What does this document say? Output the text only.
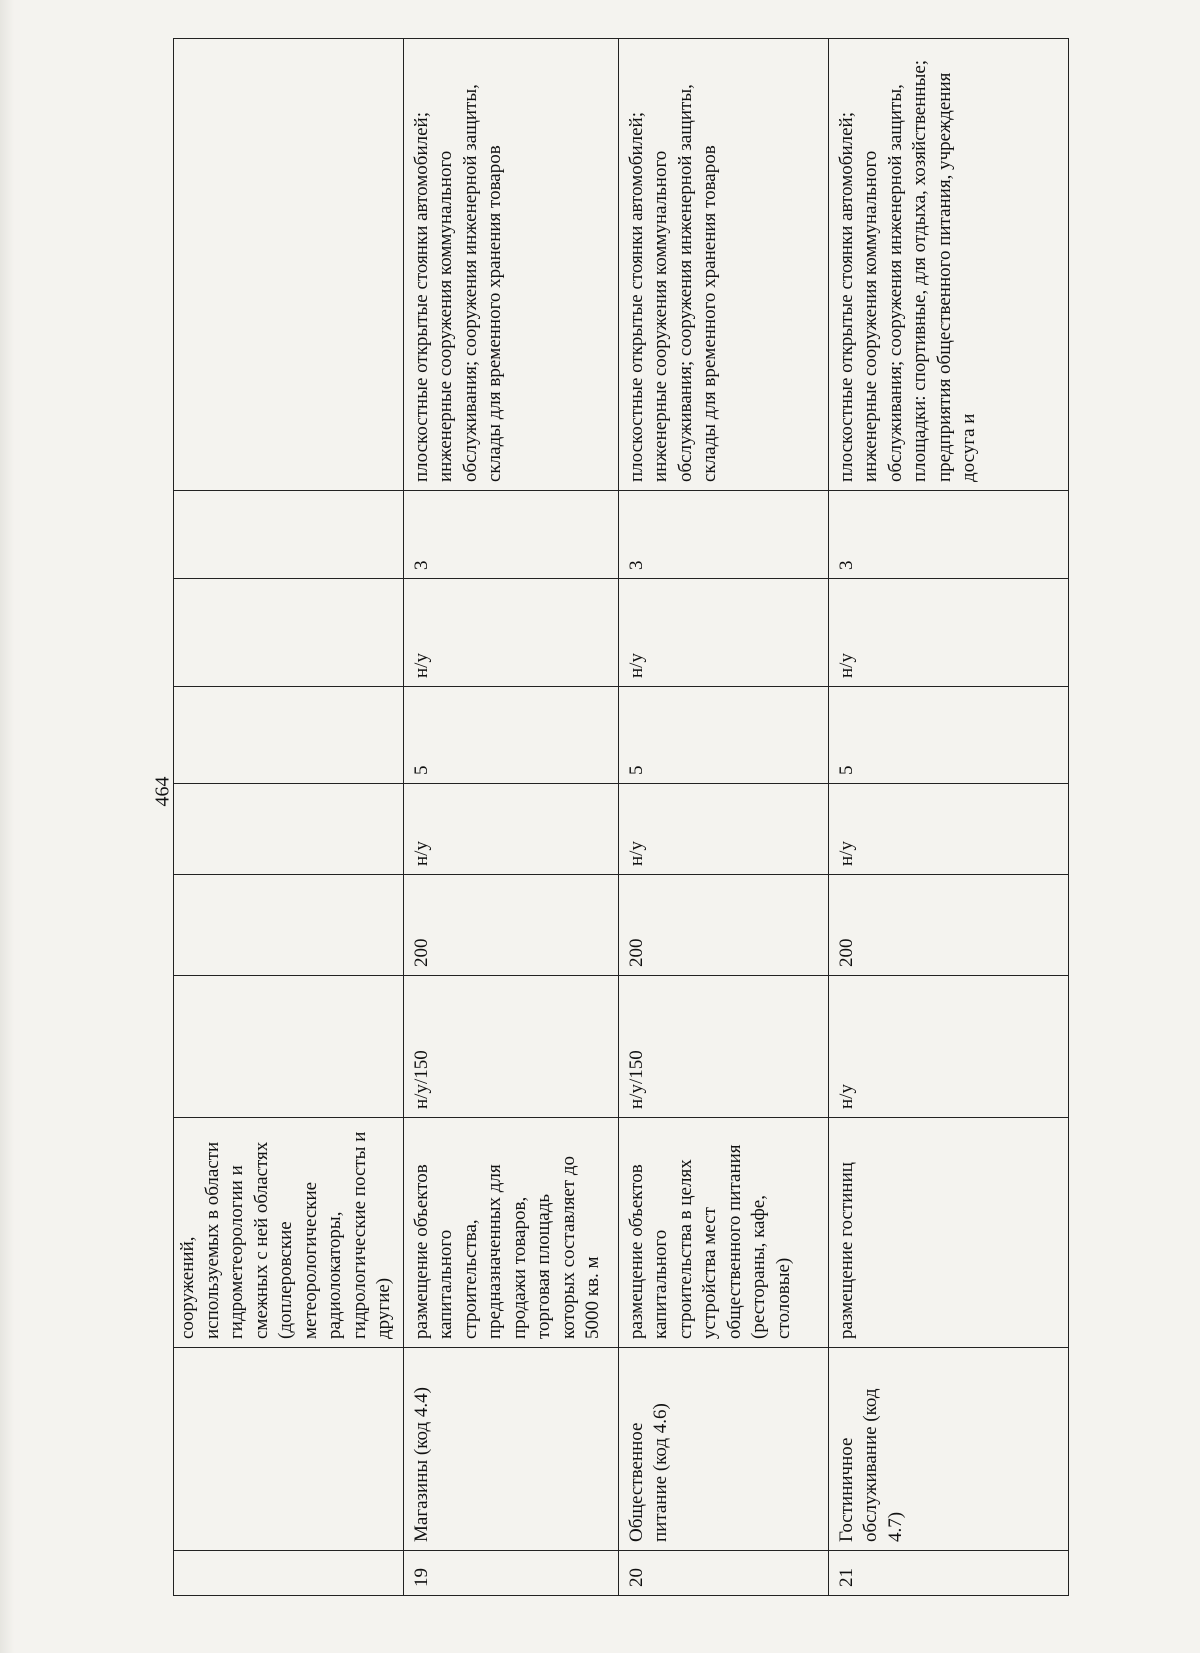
464
		сооружений, используемых в области гидрометеорологии и смежных с ней областях (доплеровские метеорологические радиолокаторы, гидрологические посты и другие)							
19	Магазины (код 4.4)	размещение объектов капитального строительства, предназначенных для продажи товаров, торговая площадь которых составляет до 5000 кв. м	н/у/150	200	н/у	5	н/у	3	плоскостные открытые стоянки автомобилей; инженерные сооружения коммунального обслуживания; сооружения инженерной защиты, склады для временного хранения товаров
20	Общественное питание (код 4.6)	размещение объектов капитального строительства в целях устройства мест общественного питания (рестораны, кафе, столовые)	н/у/150	200	н/у	5	н/у	3	плоскостные открытые стоянки автомобилей; инженерные сооружения коммунального обслуживания; сооружения инженерной защиты, склады для временного хранения товаров
21	Гостиничное обслуживание (код 4.7)	размещение гостиниц	н/у	200	н/у	5	н/у	3	плоскостные открытые стоянки автомобилей; инженерные сооружения коммунального обслуживания; сооружения инженерной защиты, площадки: спортивные, для отдыха, хозяйственные; предприятия общественного питания, учреждения досуга и
